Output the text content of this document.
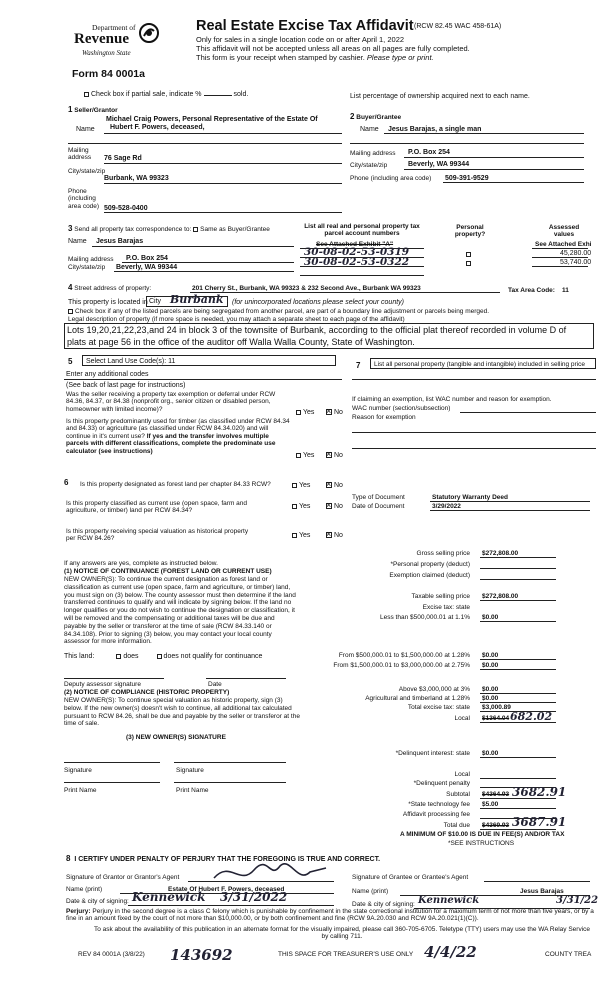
Department of
Revenue
Washington State
Form 84 0001a
Real Estate Excise Tax Affidavit (RCW 82.45 WAC 458-61A)
Only for sales in a single location code on or after April 1, 2022
This affidavit will not be accepted unless all areas on all pages are fully completed.
This form is your receipt when stamped by cashier. Please type or print.
Check box if partial sale, indicate %	sold.	List percentage of ownership acquired next to each name.
1 Seller/Grantor
Michael Craig Powers, Personal Representative of the Estate Of
Name Hubert F. Powers, deceased,
Mailing address	76 Sage Rd
City/state/zip
Burbank, WA 99323
Phone (including area code) 509-528-0400
2 Buyer/Grantee
Name Jesus Barajas, a single man
Mailing address P.O. Box 254
City/state/zip	Beverly, WA 99344
Phone (including area code) 509-391-9529
3 Send all property tax correspondence to: Same as Buyer/Grantee
Name Jesus Barajas
Mailing address P.O. Box 254
City/state/zip Beverly, WA 99344
List all real and personal property tax
parcel account numbers
Personal property?
Assessed
values
See Attached Exhibit "A"	See Attached Exhi
30-08-02-53-0319	45,280.00
30-08-02-53-0322	53,740.00
4 Street address of property:	201 Cherry St., Burbank, WA 99323 & 232 Second Ave., Burbank WA 99323	Tax Area Code: 11
This property is located in City Burbank (for unincorporated locations please select your county)
Check box if any of the listed parcels are being segregated from another parcel, are part of a boundary line adjustment or parcels being merged.
Legal description of property (if more space is needed, you may attach a separate sheet to each page of the affidavit)
Lots 19,20,21,22,23,and 24 in block 3 of the townsite of Burbank, according to the official plat thereof recorded in volume D of
plats at page 56 in the office of the auditor off Walla Walla County, State of Washington.
5 Select Land Use Code(s): 11
Enter any additional codes
(See back of last page for instructions)
Was the seller receiving a property tax exemption or deferral under RCW 84.36, 84.37, or 84.38 (nonprofit org., senior citizen or disabled person, homeowner with limited income)?	Yes ×	No
Is this property predominantly used for timber (as classified under RCW 84.34 and 84.33) or agriculture (as classified under RCW 84.34.020) and will continue in it's current use? If yes and the transfer involves multiple parcels with different classifications, complete the predominate use calculator (see instructions)
Yes ×	No
7 List all personal property (tangible and intangible) included in selling price
If claiming an exemption, list WAC number and reason for exemption.
WAC number (section/subsection)
Reason for exemption
6 Is this property designated as forest land per chapter 84.33 RCW?	Yes ×	No
Is this property classified as current use (open space, farm and agriculture, or timber) land per RCW 84.34?
Yes ×	No
Is this property receiving special valuation as historical property per RCW 84.26?	Yes ×	No
If any answers are yes, complete as instructed below.
(1) NOTICE OF CONTINUANCE (FOREST LAND OR CURRENT USE)
NEW OWNER(S): To continue the current designation as forest land or classification as current use (open space, farm and agriculture, or timber) land, you must sign on (3) below. The county assessor must then determine if the land transferred continues to qualify and will indicate by signing below. If the land no longer qualifies or you do not wish to continue the designation or classification, it will be removed and the compensating or additional taxes will be due and payable by the seller or transferor at the time of sale (RCW 84.33.140 or 84.34.108). Prior to signing (3) below, you may contact your local county assessor for more information.
This land:	does	does not qualify for continuance
Deputy assessor signature	Date
(2) NOTICE OF COMPLIANCE (HISTORIC PROPERTY)
NEW OWNER(S): To continue special valuation as historic property, sign (3) below. If the new owner(s) doesn't wish to continue, all additional tax calculated pursuant to RCW 84.26, shall be due and payable by the seller or transferor at the time of sale.
(3) NEW OWNER(S) SIGNATURE
Signature	Signature
Print Name	Print Name
Type of Document	Statutory Warranty Deed
Date of Document	3/29/2022
Gross selling price $272,808.00
*Personal property (deduct)
Exemption claimed (deduct)
Taxable selling price $272,808.00
Excise tax: state
Less than $500,000.01 at 1.1% $0.00
From $500,000.01 to $1,500,000.00 at 1.28% $0.00
From $1,500,000.01 to $3,000,000.00 at 2.75% $0.00
Above $3,000,000 at 3% $0.00
Agricultural and timberland at 1.28% $0.00
Total excise tax: state $3,000.89
Local $1364.04 682.02
*Delinquent interest: state $0.00
Local
*Delinquent penalty
Subtotal $4364.93 3682.91
*State technology fee $5.00
Affidavit processing fee
Total due $4369.93 3687.91
A MINIMUM OF $10.00 IS DUE IN FEE(S) AND/OR TAX
*SEE INSTRUCTIONS
8 I CERTIFY UNDER PENALTY OF PERJURY THAT THE FOREGOING IS TRUE AND CORRECT.
Signature of Grantor or Grantor's Agent	Signature of Grantee or Grantee's Agent
Name (print)	Estate Of Hubert F. Powers, deceased	Name (print)	Jesus Barajas
Date & city of signing: Kennewick 3/31/2022
Date & city of signing: Kennewick	3/31/22
Perjury: Perjury in the second degree is a class C felony which is punishable by confinement in the state correctional institution for a maximum term of not more than five years, or by a fine in an amount fixed by the court of not more than $10,000.00, or by both confinement and fine (RCW 9A.20.030 and RCW 9A.20.021(1)(C)).
To ask about the availability of this publication in an alternate format for the visually impaired, please call 360-705-6705. Teletype (TTY) users may use the WA Relay Service by calling 711.
REV 84 0001A (3/8/22) 143692	THIS SPACE FOR TREASURER'S USE ONLY 4/4/22	COUNTY TREA
